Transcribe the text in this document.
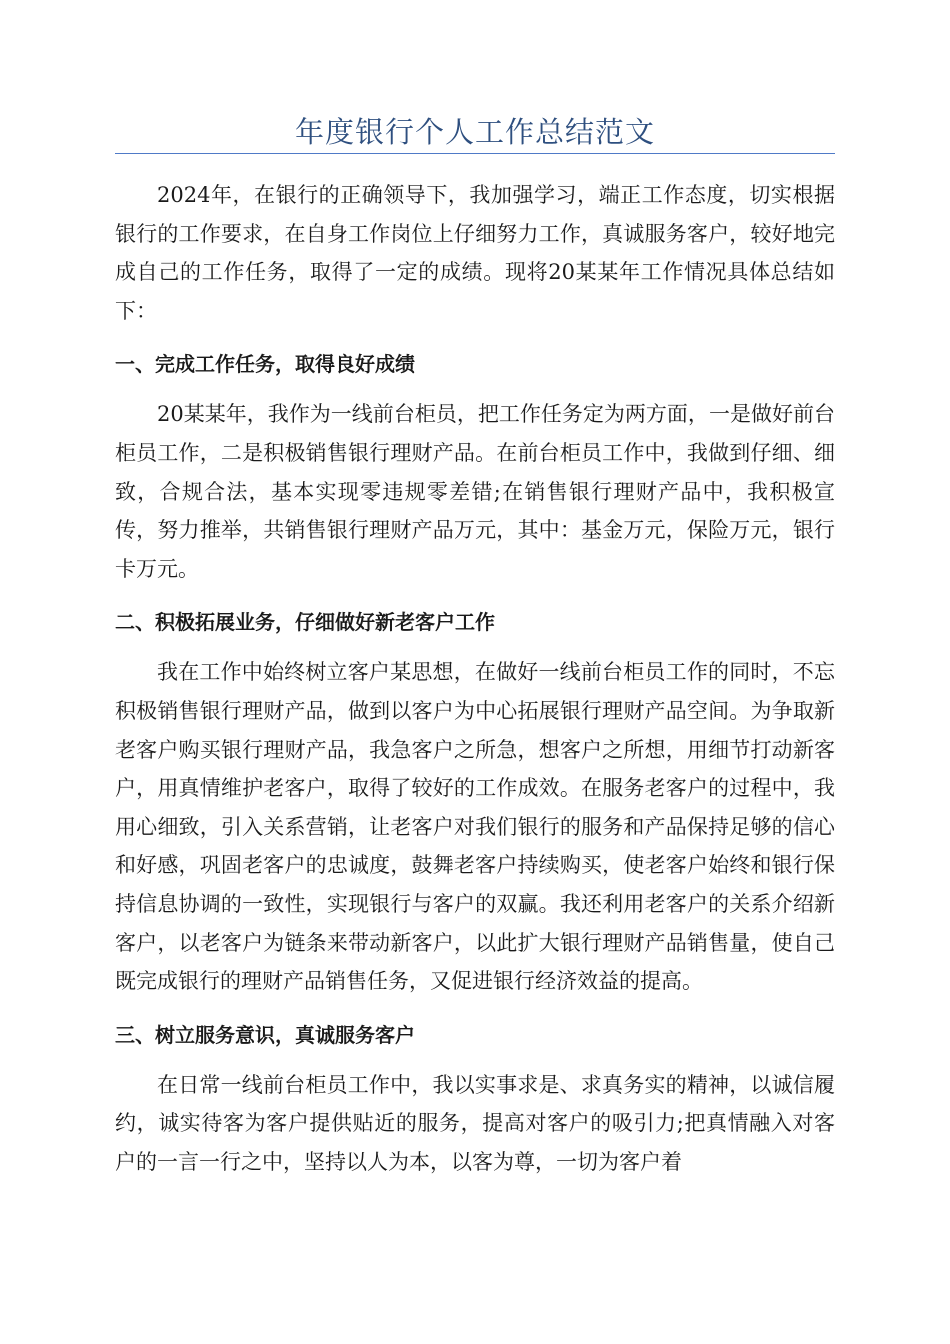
年度银行个人工作总结范文

2024年，在银行的正确领导下，我加强学习，端正工作态度，切实根据银行的工作要求，在自身工作岗位上仔细努力工作，真诚服务客户，较好地完成自己的工作任务，取得了一定的成绩。现将20某某年工作情况具体总结如下：

一、完成工作任务，取得良好成绩

20某某年，我作为一线前台柜员，把工作任务定为两方面，一是做好前台柜员工作，二是积极销售银行理财产品。在前台柜员工作中，我做到仔细、细致，合规合法，基本实现零违规零差错;在销售银行理财产品中，我积极宣传，努力推举，共销售银行理财产品万元，其中：基金万元，保险万元，银行卡万元。

二、积极拓展业务，仔细做好新老客户工作

我在工作中始终树立客户某思想，在做好一线前台柜员工作的同时，不忘积极销售银行理财产品，做到以客户为中心拓展银行理财产品空间。为争取新老客户购买银行理财产品，我急客户之所急，想客户之所想，用细节打动新客户，用真情维护老客户，取得了较好的工作成效。在服务老客户的过程中，我用心细致，引入关系营销，让老客户对我们银行的服务和产品保持足够的信心和好感，巩固老客户的忠诚度，鼓舞老客户持续购买，使老客户始终和银行保持信息协调的一致性，实现银行与客户的双赢。我还利用老客户的关系介绍新客户，以老客户为链条来带动新客户，以此扩大银行理财产品销售量，使自己既完成银行的理财产品销售任务，又促进银行经济效益的提高。

三、树立服务意识，真诚服务客户

在日常一线前台柜员工作中，我以实事求是、求真务实的精神，以诚信履约，诚实待客为客户提供贴近的服务，提高对客户的吸引力;把真情融入对客户的一言一行之中，坚持以人为本，以客为尊，一切为客户着
